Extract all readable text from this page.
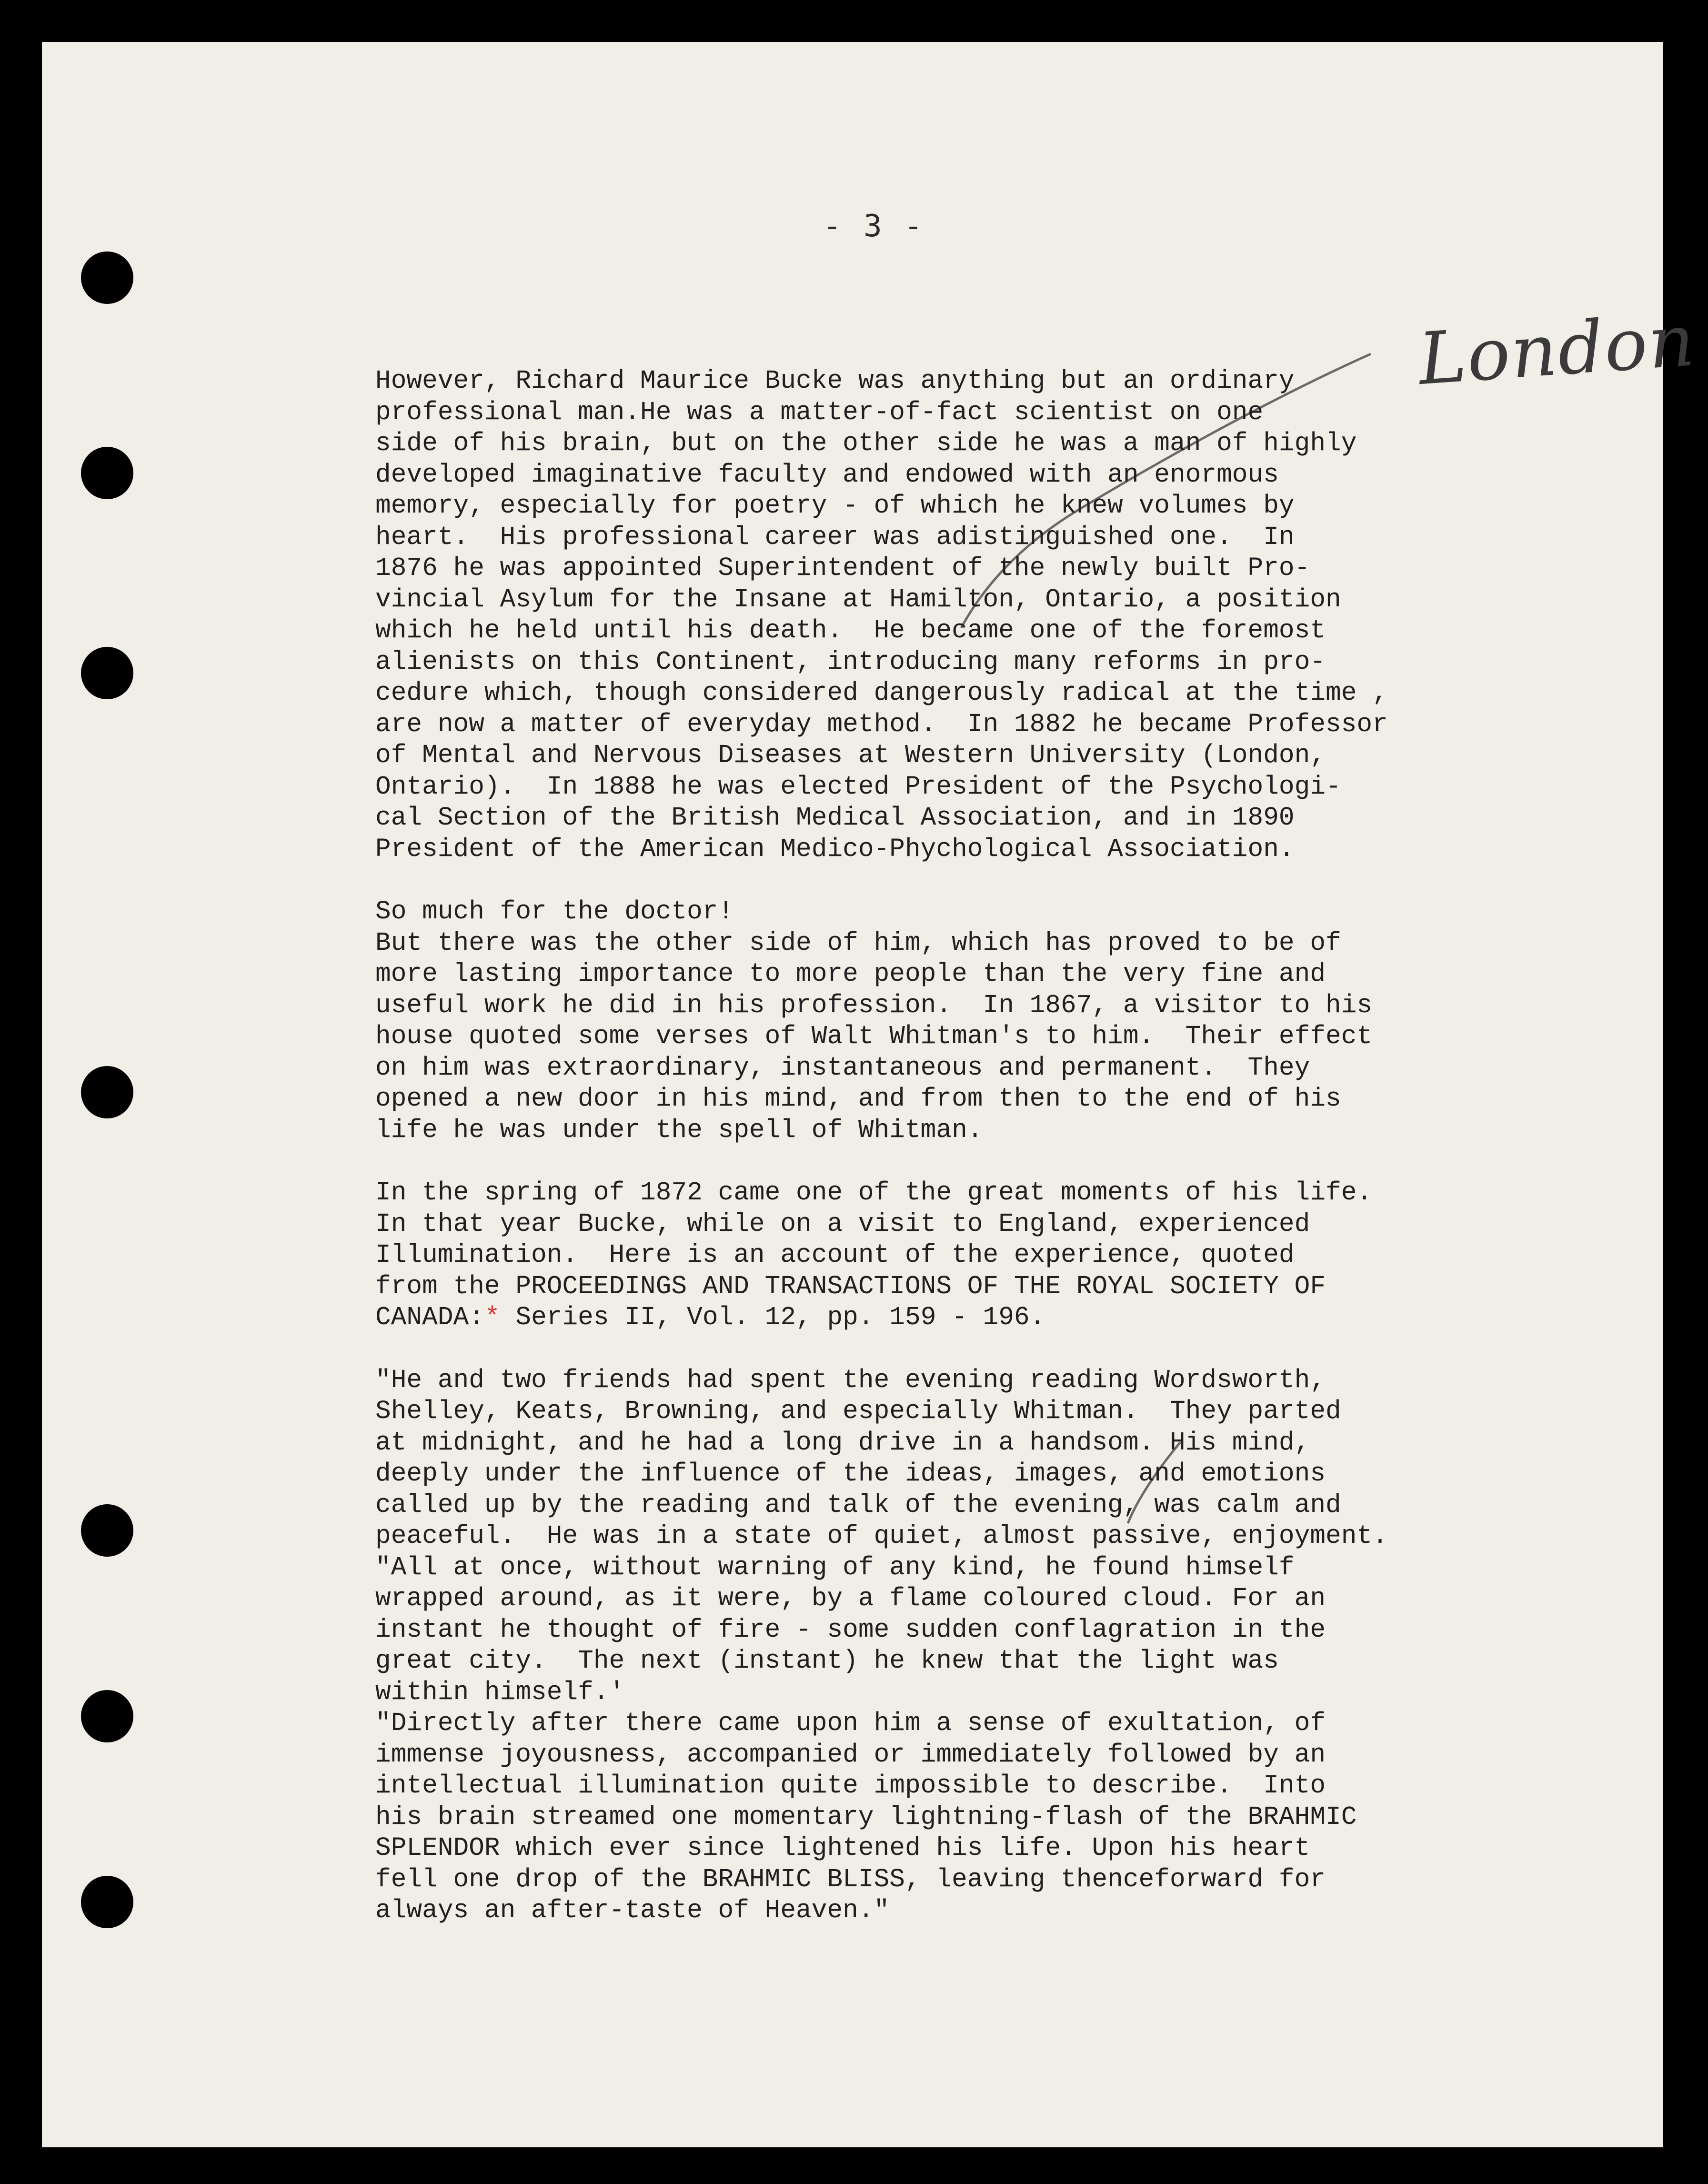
- 3 -
London
However, Richard Maurice Bucke was anything but an ordinary
professional man.He was a matter-of-fact scientist on one
side of his brain, but on the other side he was a man of highly
developed imaginative faculty and endowed with an enormous
memory, especially for poetry - of which he knew volumes by
heart.  His professional career was adistinguished one.  In
1876 he was appointed Superintendent of the newly built Pro-
vincial Asylum for the Insane at Hamilton, Ontario, a position
which he held until his death.  He became one of the foremost
alienists on this Continent, introducing many reforms in pro-
cedure which, though considered dangerously radical at the time ,
are now a matter of everyday method.  In 1882 he became Professor
of Mental and Nervous Diseases at Western University (London,
Ontario).  In 1888 he was elected President of the Psychologi-
cal Section of the British Medical Association, and in 1890
President of the American Medico-Phychological Association.
So much for the doctor!
But there was the other side of him, which has proved to be of
more lasting importance to more people than the very fine and
useful work he did in his profession.  In 1867, a visitor to his
house quoted some verses of Walt Whitman's to him.  Their effect
on him was extraordinary, instantaneous and permanent.  They
opened a new door in his mind, and from then to the end of his
life he was under the spell of Whitman.
In the spring of 1872 came one of the great moments of his life.
In that year Bucke, while on a visit to England, experienced
Illumination.  Here is an account of the experience, quoted
from the PROCEEDINGS AND TRANSACTIONS OF THE ROYAL SOCIETY OF
CANADA:* Series II, Vol. 12, pp. 159 - 196.
"He and two friends had spent the evening reading Wordsworth,
Shelley, Keats, Browning, and especially Whitman.  They parted
at midnight, and he had a long drive in a handsom. His mind,
deeply under the influence of the ideas, images, and emotions
called up by the reading and talk of the evening, was calm and
peaceful.  He was in a state of quiet, almost passive, enjoyment.
"All at once, without warning of any kind, he found himself
wrapped around, as it were, by a flame coloured cloud. For an
instant he thought of fire - some sudden conflagration in the
great city.  The next (instant) he knew that the light was
within himself.'
"Directly after there came upon him a sense of exultation, of
immense joyousness, accompanied or immediately followed by an
intellectual illumination quite impossible to describe.  Into
his brain streamed one momentary lightning-flash of the BRAHMIC
SPLENDOR which ever since lightened his life. Upon his heart
fell one drop of the BRAHMIC BLISS, leaving thenceforward for
always an after-taste of Heaven."
